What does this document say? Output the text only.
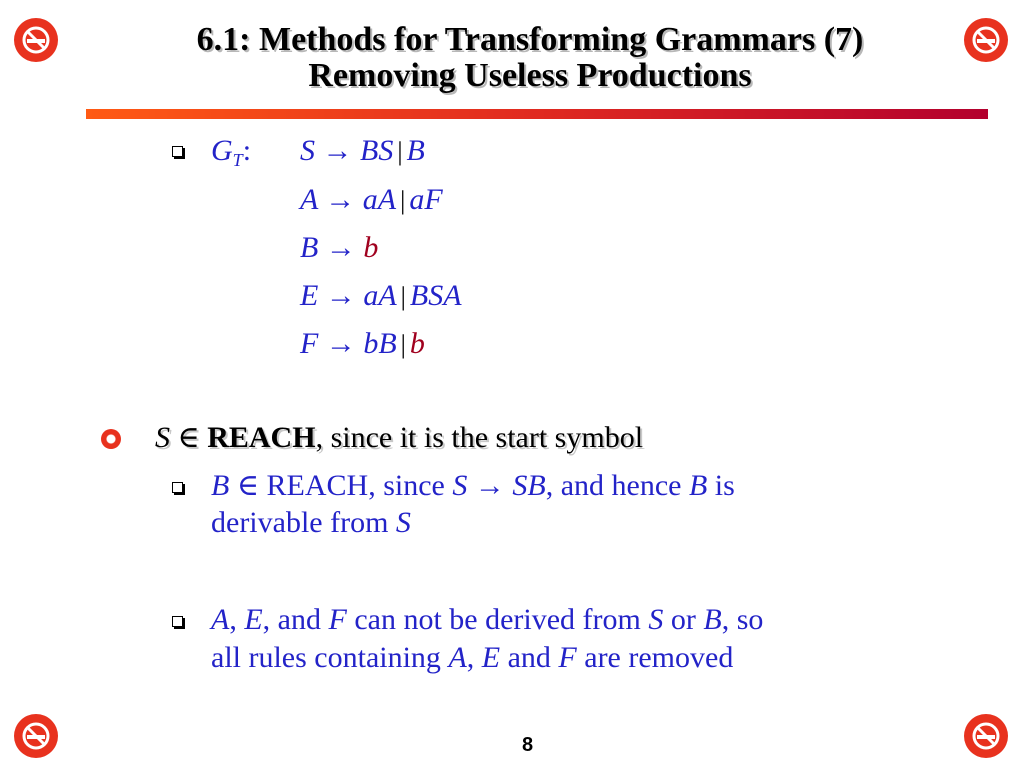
6.1: Methods for Transforming Grammars (7)
Removing Useless Productions
$G_T$: S → BS | B
A → aA | aF
B → b
E → aA | BSA
F → bB | b
S ∈ REACH, since it is the start symbol
B ∈ REACH, since S → SB, and hence B is
derivable from S
A, E, and F can not be derived from S or B, so
all rules containing A, E and F are removed
8
